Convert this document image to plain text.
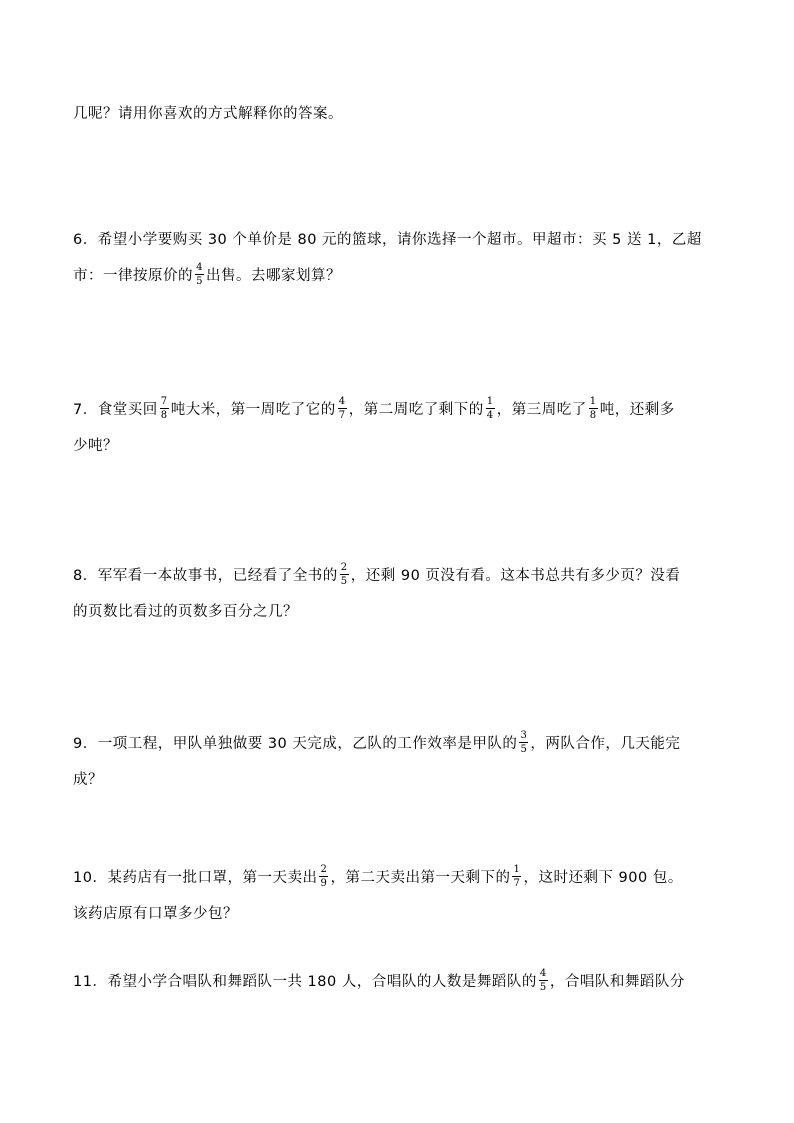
几呢？请用你喜欢的方式解释你的答案。
6．希望小学要购买 30 个单价是 80 元的篮球，请你选择一个超市。甲超市：买 5 送 1，乙超
市：一律按原价的 $\frac{4}{5}$ 出售。去哪家划算？
7．食堂买回 $\frac{7}{8}$ 吨大米，第一周吃了它的 $\frac{4}{7}$ ，第二周吃了剩下的 $\frac{1}{4}$ ，第三周吃了 $\frac{1}{8}$ 吨，还剩多
少吨？
8．军军看一本故事书，已经看了全书的 $\frac{2}{5}$ ，还剩 90 页没有看。这本书总共有多少页？没看
的页数比看过的页数多百分之几？
9．一项工程，甲队单独做要 30 天完成，乙队的工作效率是甲队的 $\frac{3}{5}$ ，两队合作，几天能完
成？
10．某药店有一批口罩，第一天卖出 $\frac{2}{9}$ ，第二天卖出第一天剩下的 $\frac{1}{7}$ ，这时还剩下 900 包。
该药店原有口罩多少包？
11．希望小学合唱队和舞蹈队一共 180 人，合唱队的人数是舞蹈队的 $\frac{4}{5}$ ，合唱队和舞蹈队分
